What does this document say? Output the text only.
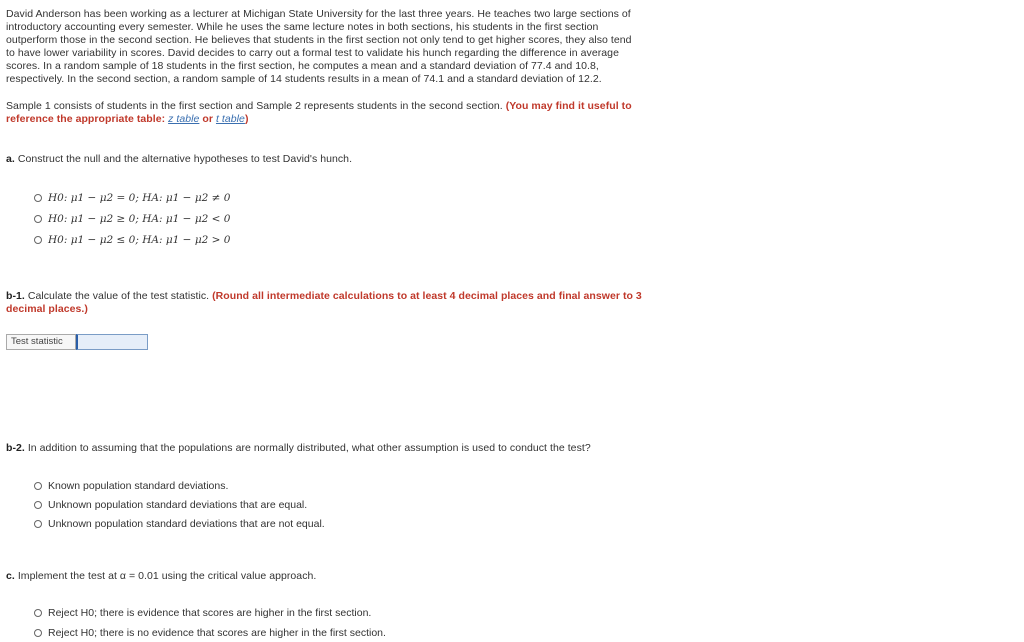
David Anderson has been working as a lecturer at Michigan State University for the last three years. He teaches two large sections of
introductory accounting every semester. While he uses the same lecture notes in both sections, his students in the first section
outperform those in the second section. He believes that students in the first section not only tend to get higher scores, they also tend
to have lower variability in scores. David decides to carry out a formal test to validate his hunch regarding the difference in average
scores. In a random sample of 18 students in the first section, he computes a mean and a standard deviation of 77.4 and 10.8,
respectively. In the second section, a random sample of 14 students results in a mean of 74.1 and a standard deviation of 12.2.
Sample 1 consists of students in the first section and Sample 2 represents students in the second section. (You may find it useful to
reference the appropriate table: z table or t table)
a. Construct the null and the alternative hypotheses to test David's hunch.
H0: μ1 − μ2 = 0; HA: μ1 − μ2 ≠ 0
H0: μ1 − μ2 ≥ 0; HA: μ1 − μ2 < 0
H0: μ1 − μ2 ≤ 0; HA: μ1 − μ2 > 0
b-1. Calculate the value of the test statistic. (Round all intermediate calculations to at least 4 decimal places and final answer to 3
decimal places.)
Test statistic
b-2. In addition to assuming that the populations are normally distributed, what other assumption is used to conduct the test?
Known population standard deviations.
Unknown population standard deviations that are equal.
Unknown population standard deviations that are not equal.
c. Implement the test at α = 0.01 using the critical value approach.
Reject H0; there is evidence that scores are higher in the first section.
Reject H0; there is no evidence that scores are higher in the first section.
